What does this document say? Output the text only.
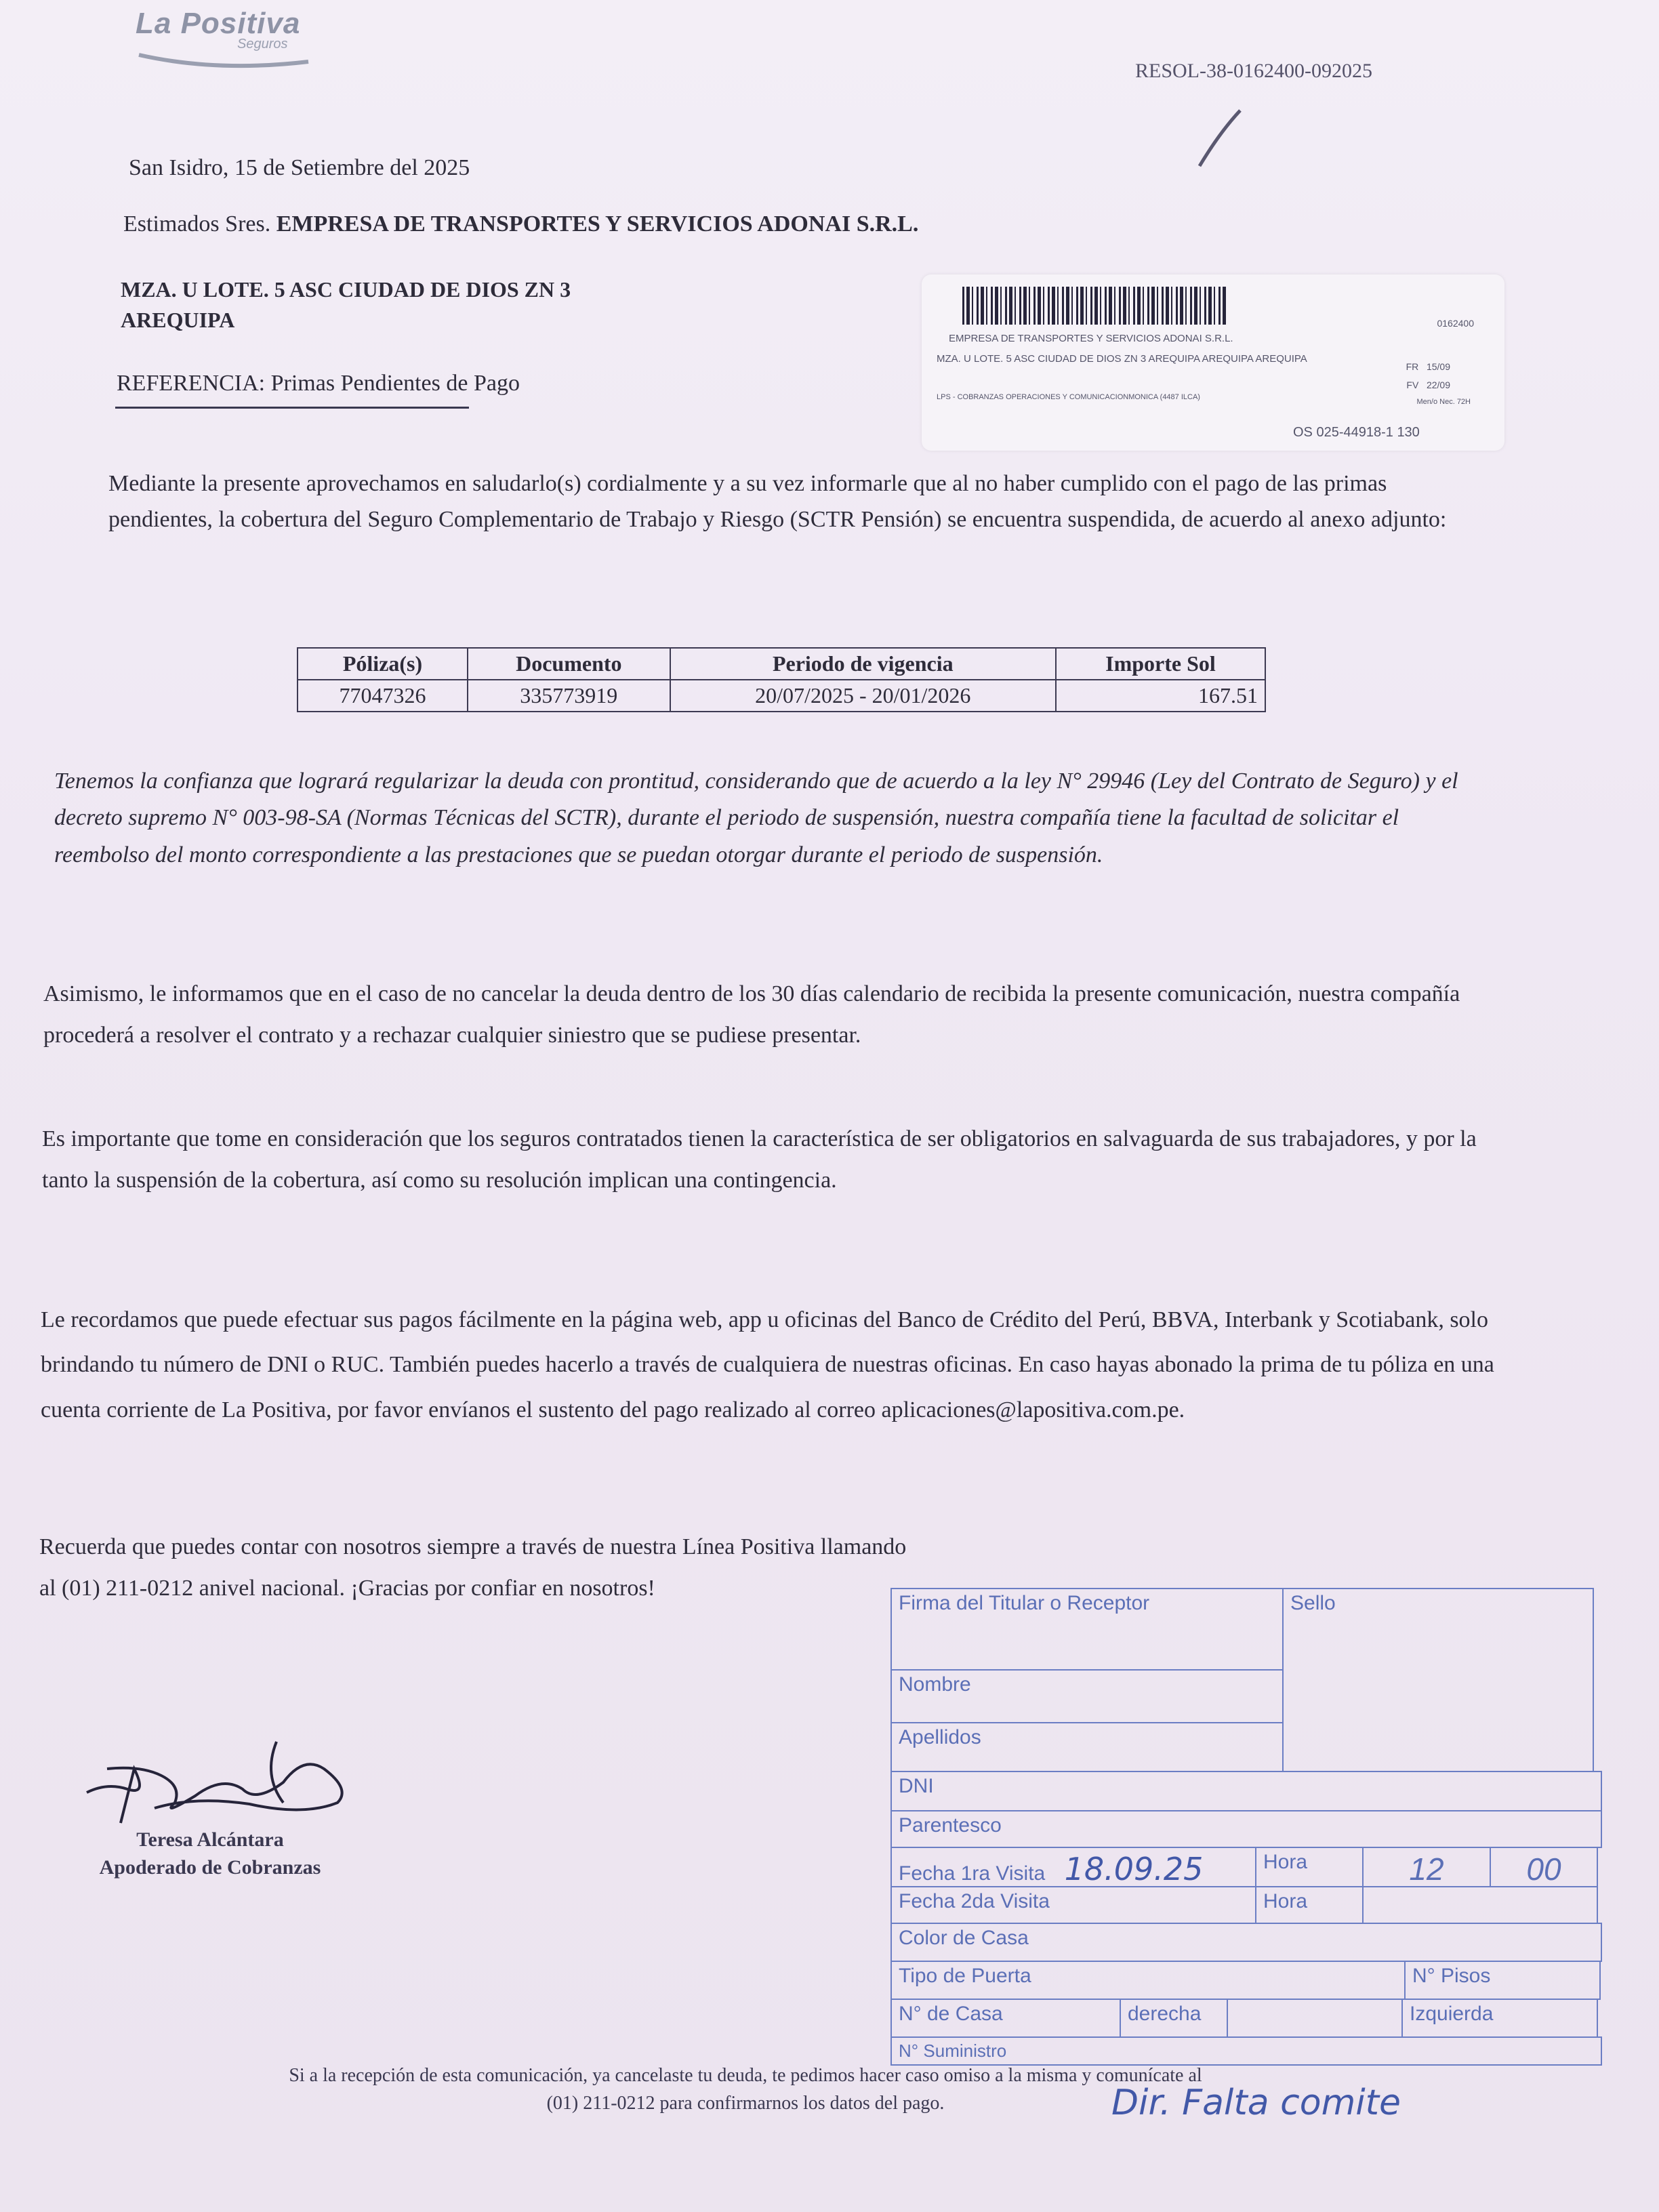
La Positiva
Seguros
RESOL-38-0162400-092025
San Isidro, 15 de Setiembre del 2025
Estimados Sres. EMPRESA DE TRANSPORTES Y SERVICIOS ADONAI S.R.L.
MZA. U LOTE. 5 ASC CIUDAD DE DIOS ZN 3
AREQUIPA
REFERENCIA: Primas Pendientes de Pago
EMPRESA DE TRANSPORTES Y SERVICIOS ADONAI S.R.L.
MZA. U LOTE. 5 ASC CIUDAD DE DIOS ZN 3 AREQUIPA AREQUIPA AREQUIPA
LPS - COBRANZAS OPERACIONES Y COMUNICACIONMONICA (4487 ILCA)
0162400
FR 15/09
FV 22/09
Men/o Nec. 72H
OS 025-44918-1 130
Mediante la presente aprovechamos en saludarlo(s) cordialmente y a su vez informarle que al no haber cumplido con el pago de las primas pendientes, la cobertura del Seguro Complementario de Trabajo y Riesgo (SCTR Pensión) se encuentra suspendida, de acuerdo al anexo adjunto:
Póliza(s)	Documento	Periodo de vigencia	Importe Sol
77047326	335773919	20/07/2025 - 20/01/2026	167.51
Tenemos la confianza que logrará regularizar la deuda con prontitud, considerando que de acuerdo a la ley N° 29946 (Ley del Contrato de Seguro) y el decreto supremo N° 003-98-SA (Normas Técnicas del SCTR), durante el periodo de suspensión, nuestra compañía tiene la facultad de solicitar el reembolso del monto correspondiente a las prestaciones que se puedan otorgar durante el periodo de suspensión.
Asimismo, le informamos que en el caso de no cancelar la deuda dentro de los 30 días calendario de recibida la presente comunicación, nuestra compañía procederá a resolver el contrato y a rechazar cualquier siniestro que se pudiese presentar.
Es importante que tome en consideración que los seguros contratados tienen la característica de ser obligatorios en salvaguarda de sus trabajadores, y por la tanto la suspensión de la cobertura, así como su resolución implican una contingencia.
Le recordamos que puede efectuar sus pagos fácilmente en la página web, app u oficinas del Banco de Crédito del Perú, BBVA, Interbank y Scotiabank, solo brindando tu número de DNI o RUC. También puedes hacerlo a través de cualquiera de nuestras oficinas. En caso hayas abonado la prima de tu póliza en una cuenta corriente de La Positiva, por favor envíanos el sustento del pago realizado al correo aplicaciones@lapositiva.com.pe.
Recuerda que puedes contar con nosotros siempre a través de nuestra Línea Positiva llamando al (01) 211-0212 anivel nacional. ¡Gracias por confiar en nosotros!
Teresa Alcántara
Apoderado de Cobranzas
Firma del Titular o Receptor	Sello
Nombre
Apellidos
DNI
Parentesco
Fecha 1ra Visita 18.09.25	Hora	12	00
Fecha 2da Visita	Hora
Color de Casa
Tipo de Puerta	N° Pisos
N° de Casa	derecha	Izquierda
N° Suministro
Si a la recepción de esta comunicación, ya cancelaste tu deuda, te pedimos hacer caso omiso a la misma y comunícate al
(01) 211-0212 para confirmarnos los datos del pago.	Dir. Falta comite
